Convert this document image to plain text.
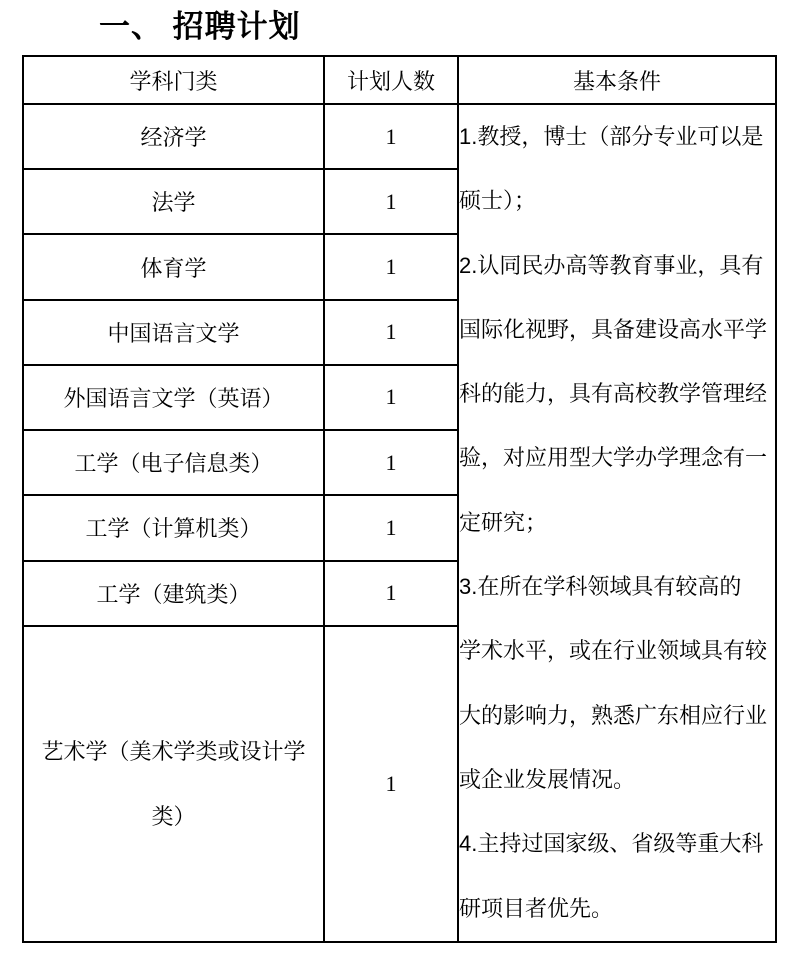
一、 招聘计划
学科门类	计划人数	基本条件
经济学	1	1.教授，博士（部分专业可以是
硕士）；
2.认同民办高等教育事业，具有
国际化视野，具备建设高水平学
科的能力，具有高校教学管理经
验，对应用型大学办学理念有一
定研究；
3.在所在学科领域具有较高的
学术水平，或在行业领域具有较
大的影响力，熟悉广东相应行业
或企业发展情况。
4.主持过国家级、省级等重大科
研项目者优先。

法学	1	
体育学	1	
中国语言文学	1	
外国语言文学（英语）	1	
工学（电子信息类）	1	
工学（计算机类）	1	
工学（建筑类）	1	

艺术学（美术学类或设计学
类）	1	
